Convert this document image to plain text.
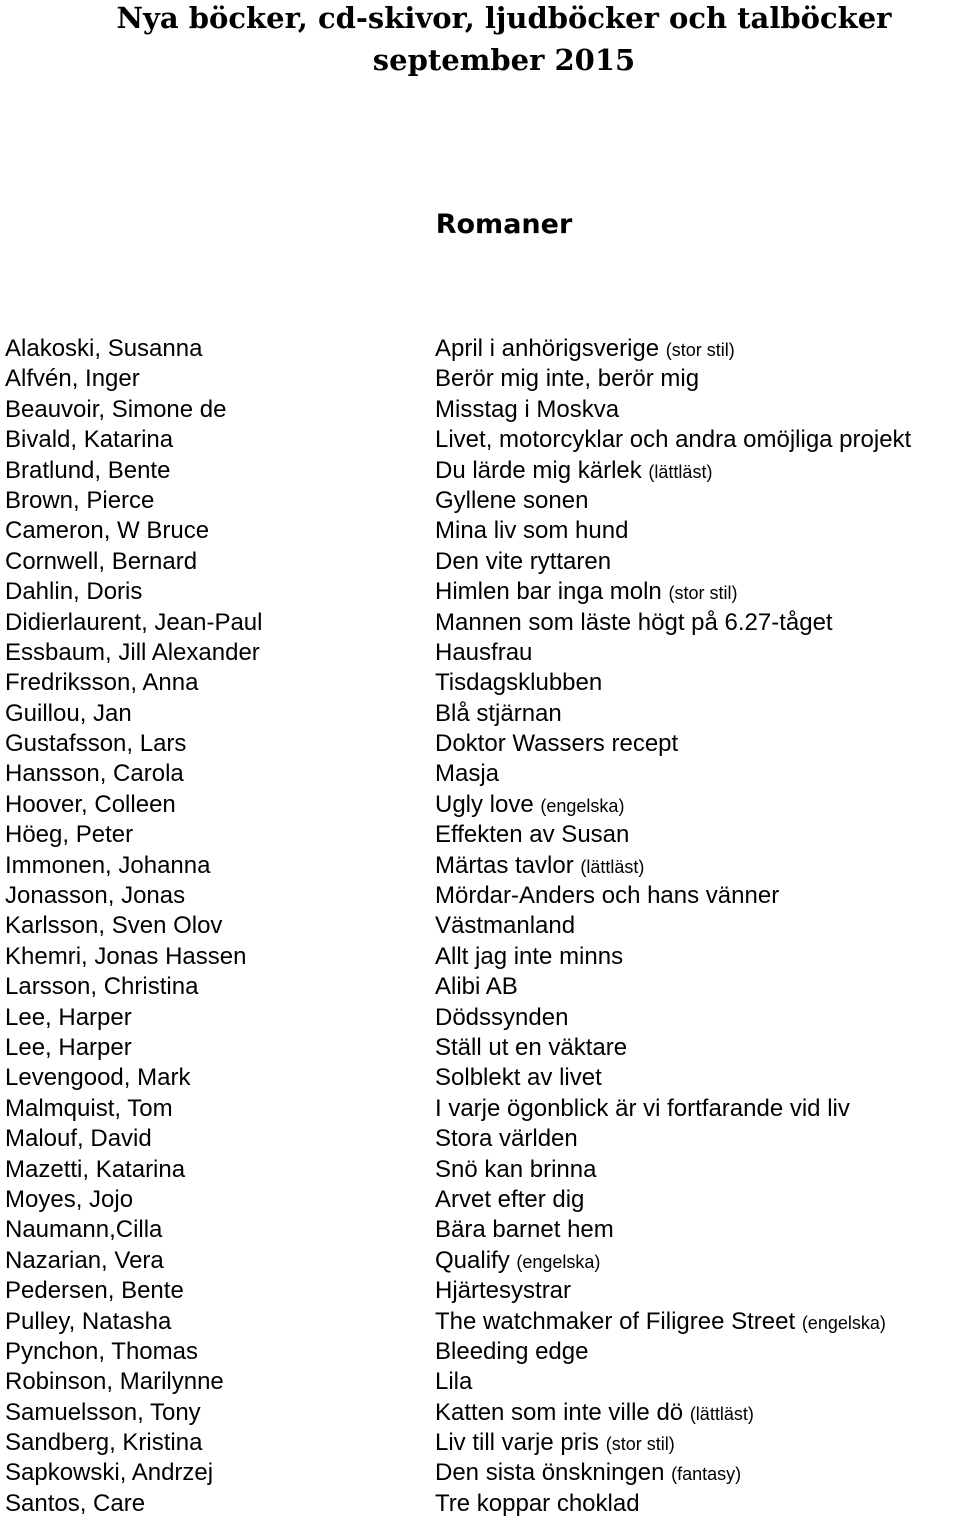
Nya böcker, cd-skivor, ljudböcker och talböcker
september 2015
Romaner
Alakoski, Susanna	April i anhörigsverige (stor stil)
Alfvén, Inger	Berör mig inte, berör mig
Beauvoir, Simone de	Misstag i Moskva
Bivald, Katarina	Livet, motorcyklar och andra omöjliga projekt
Bratlund, Bente	Du lärde mig kärlek (lättläst)
Brown, Pierce	Gyllene sonen
Cameron, W Bruce	Mina liv som hund
Cornwell, Bernard	Den vite ryttaren
Dahlin, Doris	Himlen bar inga moln (stor stil)
Didierlaurent, Jean-Paul	Mannen som läste högt på 6.27-tåget
Essbaum, Jill Alexander	Hausfrau
Fredriksson, Anna	Tisdagsklubben
Guillou, Jan	Blå stjärnan
Gustafsson, Lars	Doktor Wassers recept
Hansson, Carola	Masja
Hoover, Colleen	Ugly love (engelska)
Höeg, Peter	Effekten av Susan
Immonen, Johanna	Märtas tavlor (lättläst)
Jonasson, Jonas	Mördar-Anders och hans vänner
Karlsson, Sven Olov	Västmanland
Khemri, Jonas Hassen	Allt jag inte minns
Larsson, Christina	Alibi AB
Lee, Harper	Dödssynden
Lee, Harper	Ställ ut en väktare
Levengood, Mark	Solblekt av livet
Malmquist, Tom	I varje ögonblick är vi fortfarande vid liv
Malouf, David	Stora världen
Mazetti, Katarina	Snö kan brinna
Moyes, Jojo	Arvet efter dig
Naumann,Cilla	Bära barnet hem
Nazarian, Vera	Qualify (engelska)
Pedersen, Bente	Hjärtesystrar
Pulley, Natasha	The watchmaker of Filigree Street (engelska)
Pynchon, Thomas	Bleeding edge
Robinson, Marilynne	Lila
Samuelsson, Tony	Katten som inte ville dö (lättläst)
Sandberg, Kristina	Liv till varje pris (stor stil)
Sapkowski, Andrzej	Den sista önskningen (fantasy)
Santos, Care	Tre koppar choklad
